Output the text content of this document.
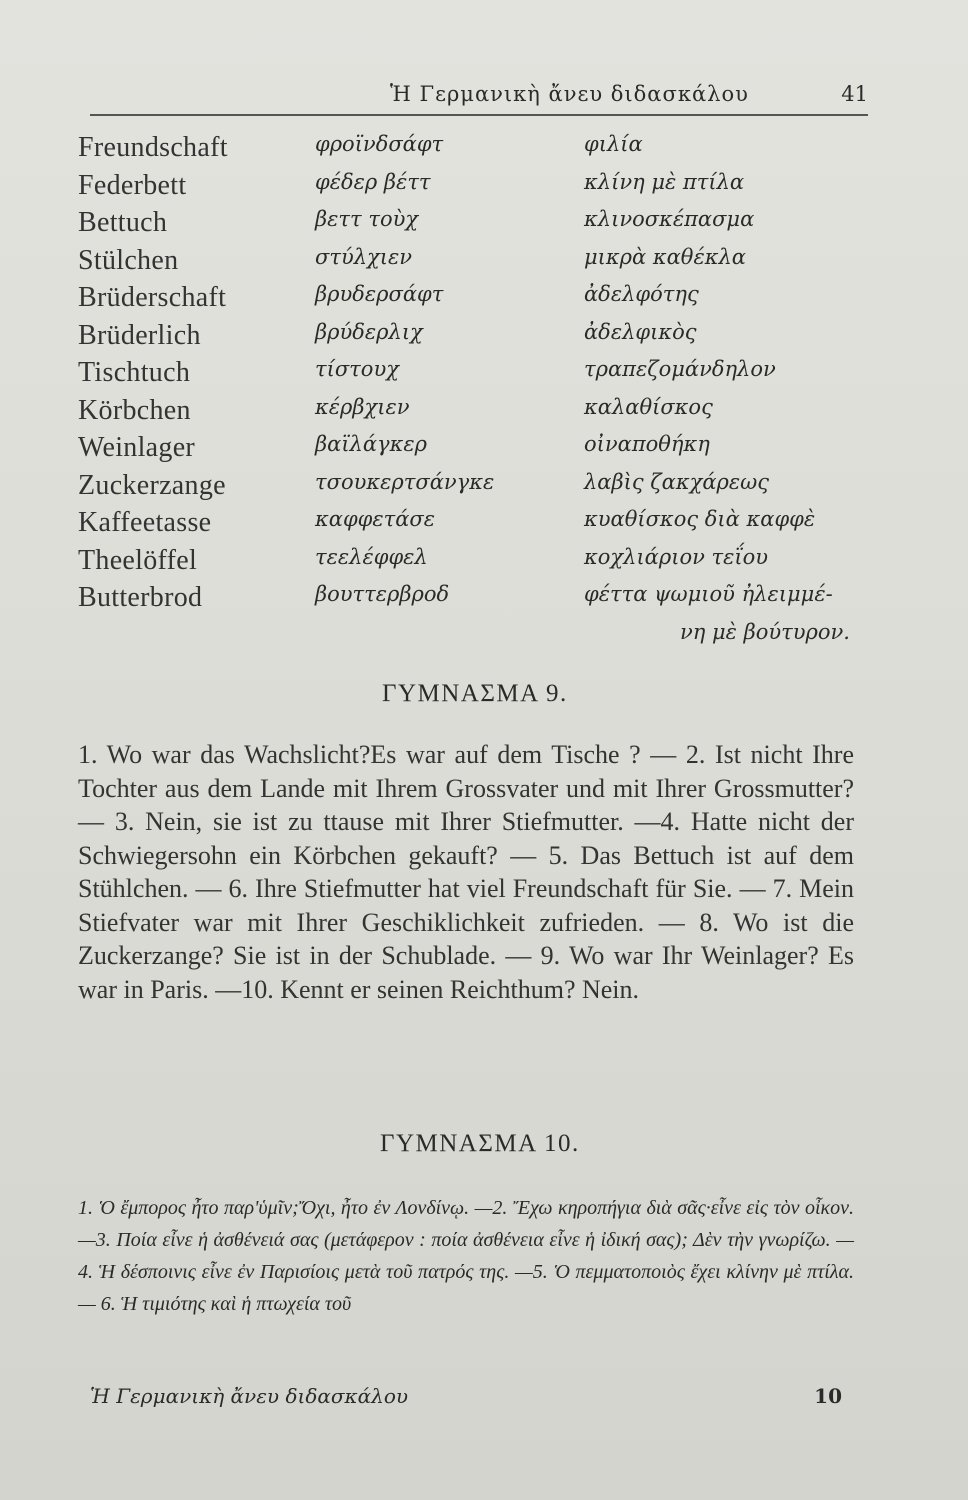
Ἡ Γερμανικὴ ἄνευ διδασκάλου	41
Freundschaft	φροϊνδσάφτ	φιλία
Federbett	φέδερ βέττ	κλίνη μὲ πτίλα
Bettuch	βεττ τοὺχ	κλινοσκέπασμα
Stülchen	στύλχιεν	μικρὰ καθέκλα
Brüderschaft	βρυδερσάφτ	ἀδελφότης
Brüderlich	βρύδερλιχ	ἀδελφικὸς
Tischtuch	τίστουχ	τραπεζομάνδηλον
Körbchen	κέρβχιεν	καλαθίσκος
Weinlager	βαϊλάγκερ	οἰναποθήκη
Zuckerzange	τσουκερτσάνγκε	λαβὶς ζακχάρεως
Kaffeetasse	καφφετάσε	κυαθίσκος διὰ καφφὲ
Theelöffel	τεελέφφελ	κοχλιάριον τεΐου
Butterbrod	βουττερβροδ	φέττα ψωμιοῦ ἠλειμμέ-
νη μὲ βούτυρον.
ΓΥΜΝΑΣΜΑ 9.
1. Wo war das Wachslicht?Es war auf dem Tische ? — 2. Ist nicht Ihre Tochter aus dem Lande mit Ihrem Grossvater und mit Ihrer Grossmutter? — 3. Nein, sie ist zu ttause mit Ihrer Stiefmutter. —4. Hatte nicht der Schwiegersohn ein Körbchen gekauft? — 5. Das Bettuch ist auf dem Stühlchen. — 6. Ihre Stiefmutter hat viel Freundschaft für Sie. — 7. Mein Stiefvater war mit Ihrer Geschiklichkeit zufrieden. — 8. Wo ist die Zuckerzange? Sie ist in der Schublade. — 9. Wo war Ihr Weinlager? Es war in Paris. —10. Kennt er seinen Reichthum? Nein.
ΓΥΜΝΑΣΜΑ 10.
1. Ὁ ἔμπορος ἦτο παρ'ὑμῖν;Ὄχι, ἦτο ἐν Λονδίνῳ. —2. Ἔχω κηροπήγια διὰ σᾶς·εἶνε εἰς τὸν οἶκον. —3. Ποία εἶνε ἡ ἀσθένειά σας (μετάφερον : ποία ἀσθένεια εἶνε ἡ ἰδική σας); Δὲν τὴν γνωρίζω. —4. Ἡ δέσποινις εἶνε ἐν Παρισίοις μετὰ τοῦ πατρός της. —5. Ὁ πεμματοποιὸς ἔχει κλίνην μὲ πτίλα. — 6. Ἡ τιμιότης καὶ ἡ πτωχεία τοῦ
Ἡ Γερμανικὴ ἄνευ διδασκάλου	10
